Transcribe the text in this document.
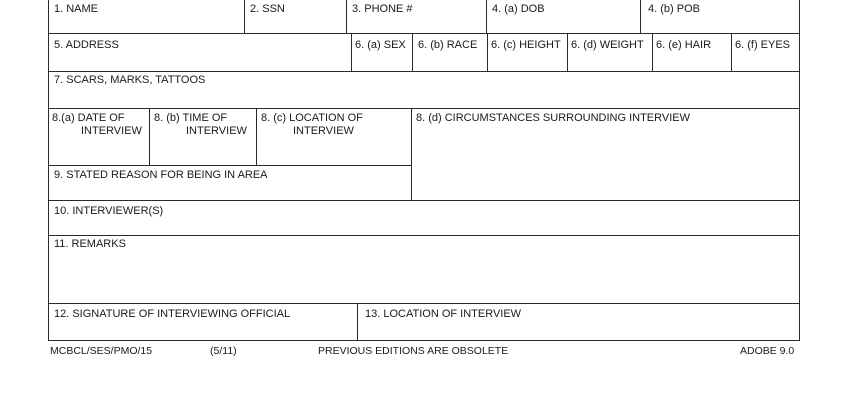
1. NAME	2. SSN	3. PHONE #	4. (a) DOB	4. (b) POB
5. ADDRESS	6. (a) SEX 6. (b) RACE 6. (c) HEIGHT 6. (d) WEIGHT 6. (e) HAIR 6. (f) EYES
7. SCARS, MARKS, TATTOOS
8.(a) DATE OF
INTERVIEW
8. (b) TIME OF
INTERVIEW
8. (c) LOCATION OF
INTERVIEW
8. (d) CIRCUMSTANCES SURROUNDING INTERVIEW
9. STATED REASON FOR BEING IN AREA
10. INTERVIEWER(S)
11. REMARKS
12. SIGNATURE OF INTERVIEWING OFFICIAL	13. LOCATION OF INTERVIEW
MCBCL/SES/PMO/15	(5/11)	PREVIOUS EDITIONS ARE OBSOLETE	ADOBE 9.0
